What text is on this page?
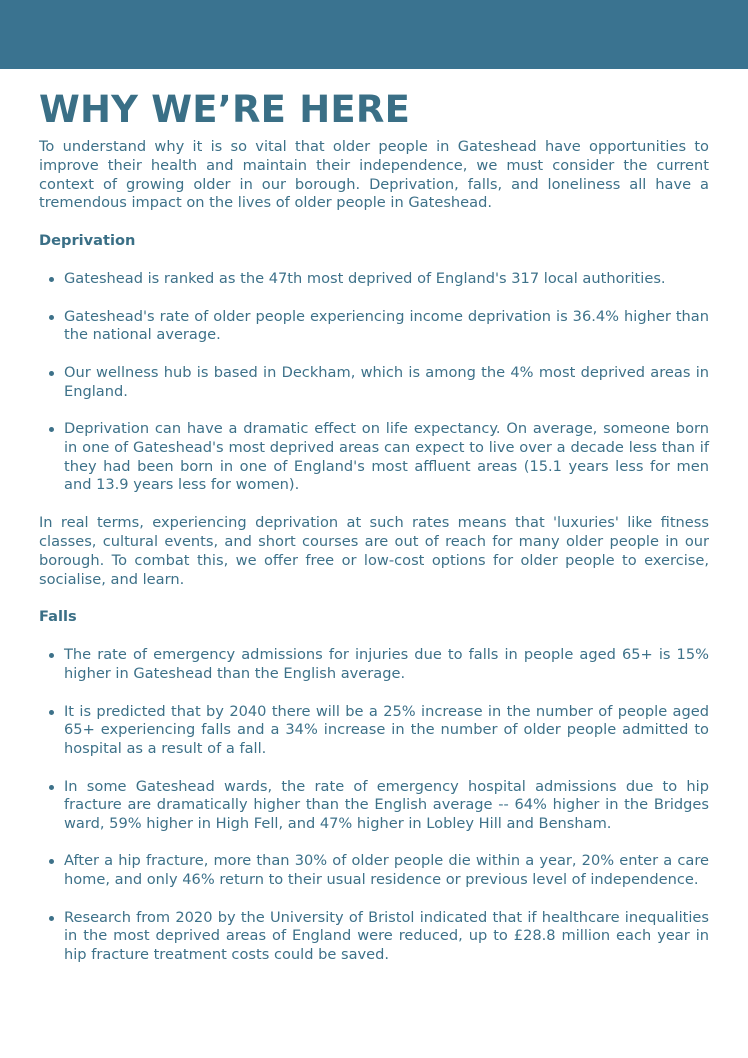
WHY WE’RE HERE

To understand why it is so vital that older people in Gateshead have opportunities to improve their health and maintain their independence, we must consider the current context of growing older in our borough. Deprivation, falls, and loneliness all have a tremendous impact on the lives of older people in Gateshead.

Deprivation
Gateshead is ranked as the 47th most deprived of England's 317 local authorities.
Gateshead's rate of older people experiencing income deprivation is 36.4% higher than the national average.
Our wellness hub is based in Deckham, which is among the 4% most deprived areas in England.
Deprivation can have a dramatic effect on life expectancy. On average, someone born in one of Gateshead's most deprived areas can expect to live over a decade less than if they had been born in one of England's most affluent areas (15.1 years less for men and 13.9 years less for women).

In real terms, experiencing deprivation at such rates means that 'luxuries' like fitness classes, cultural events, and short courses are out of reach for many older people in our borough. To combat this, we offer free or low-cost options for older people to exercise, socialise, and learn.

Falls
The rate of emergency admissions for injuries due to falls in people aged 65+ is 15% higher in Gateshead than the English average.
It is predicted that by 2040 there will be a 25% increase in the number of people aged 65+ experiencing falls and a 34% increase in the number of older people admitted to hospital as a result of a fall.
In some Gateshead wards, the rate of emergency hospital admissions due to hip fracture are dramatically higher than the English average -- 64% higher in the Bridges ward, 59% higher in High Fell, and 47% higher in Lobley Hill and Bensham.
After a hip fracture, more than 30% of older people die within a year, 20% enter a care home, and only 46% return to their usual residence or previous level of independence.
Research from 2020 by the University of Bristol indicated that if healthcare inequalities in the most deprived areas of England were reduced, up to £28.8 million each year in hip fracture treatment costs could be saved.
